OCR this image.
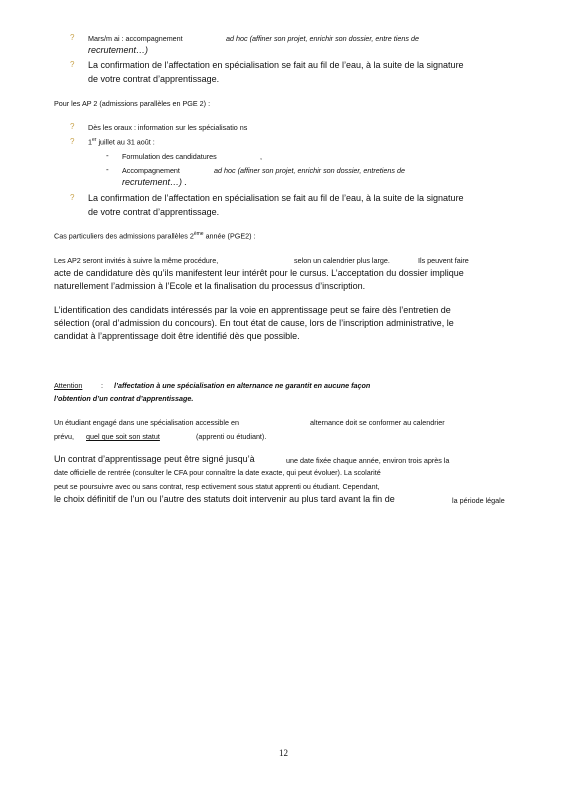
? Mars/m ai : accompagnement	ad hoc (affiner son projet, enrichir son dossier, entre tiens de
recrutement…)
? La confirmation de l’affectation en spécialisation se fait au fil de l’eau, à la suite de la signature
de votre contrat d’apprentissage.
Pour les AP 2 (admissions parallèles en PGE 2) :
? Dès les oraux : information sur les spécialisatio ns
? 1er juillet au 31 août :
- Formulation des candidatures	,
- Accompagnement	ad hoc (affiner son projet, enrichir son dossier, entretiens de
recrutement…) .
? La confirmation de l’affectation en spécialisation se fait au fil de l’eau, à la suite de la signature
de votre contrat d’apprentissage.
Cas particuliers des admissions parallèles 2ème année (PGE2) :
Les AP2 seront invités à suivre la même procédure,	selon un calendrier plus large.	Ils peuvent faire
acte de candidature dès qu’ils manifestent leur intérêt pour le cursus. L’acceptation du dossier implique
naturellement l’admission à l’Ecole et la finalisation du processus d’inscription.
L’identification des candidats intéressés par la voie en apprentissage peut se faire dès l’entretien de
sélection (oral d’admission du concours). En tout état de cause, lors de l’inscription administrative, le
candidat à l’apprentissage doit être identifié dès que possible.
Attention	: l’affectation à une spécialisation en alternance ne garantit en aucune façon
l’obtention d’un contrat d’apprentissage.
Un étudiant engagé dans une spécialisation accessible en	alternance doit se conformer au calendrier
prévu, quel que soit son statut	(apprenti ou étudiant).
Un contrat d’apprentissage peut être signé jusqu’à	une date fixée chaque année, environ trois après la
date officielle de rentrée (consulter le CFA pour connaître la date exacte, qui peut évoluer). La scolarité
peut se poursuivre avec ou sans contrat, resp ectivement sous statut apprenti ou étudiant. Cependant,
le choix définitif de l’un ou l’autre des statuts doit intervenir au plus tard avant la fin de	la période légale
12
